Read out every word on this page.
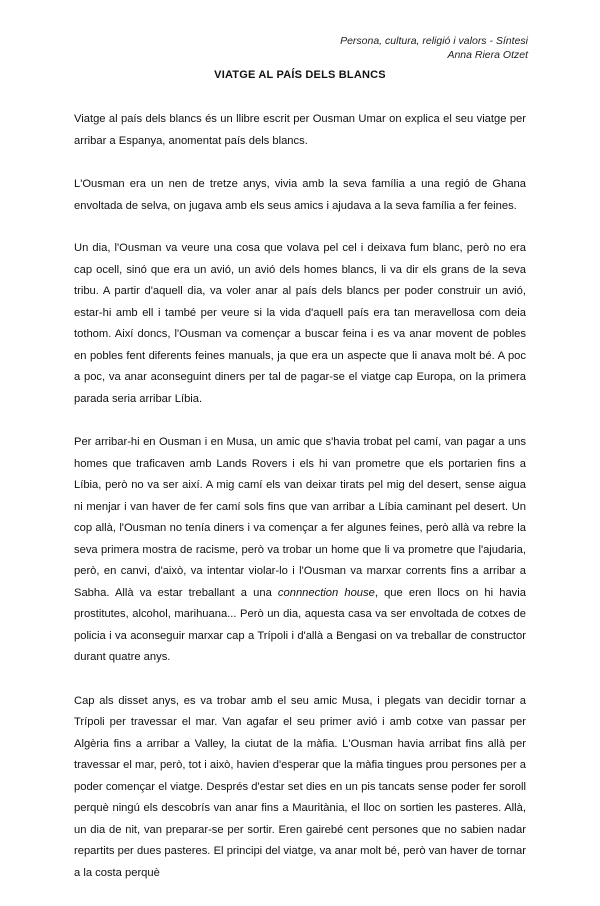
Persona, cultura, religió i valors - Síntesi
Anna Riera Otzet
VIATGE AL PAÍS DELS BLANCS

Viatge al país dels blancs és un llibre escrit per Ousman Umar on explica el seu viatge per arribar a Espanya, anomentat país dels blancs.

L'Ousman era un nen de tretze anys, vivia amb la seva família a una regió de Ghana envoltada de selva, on jugava amb els seus amics i ajudava a la seva família a fer feines.

Un dia, l'Ousman va veure una cosa que volava pel cel i deixava fum blanc, però no era cap ocell, sinó que era un avió, un avió dels homes blancs, li va dir els grans de la seva tribu. A partir d'aquell dia, va voler anar al país dels blancs per poder construir un avió, estar-hi amb ell i també per veure si la vida d'aquell país era tan meravellosa com deia tothom. Així doncs, l'Ousman va començar a buscar feina i es va anar movent de pobles en pobles fent diferents feines manuals, ja que era un aspecte que li anava molt bé. A poc a poc, va anar aconseguint diners per tal de pagar-se el viatge cap Europa, on la primera parada seria arribar Líbia.

Per arribar-hi en Ousman i en Musa, un amic que s'havia trobat pel camí, van pagar a uns homes que traficaven amb Lands Rovers i els hi van prometre que els portarien fins a Líbia, però no va ser així. A mig camí els van deixar tirats pel mig del desert, sense aigua ni menjar i van haver de fer camí sols fins que van arribar a Líbia caminant pel desert. Un cop allà, l'Ousman no tenía diners i va començar a fer algunes feines, però allà va rebre la seva primera mostra de racisme, però va trobar un home que li va prometre que l'ajudaria, però, en canvi, d'això, va intentar violar-lo i l'Ousman va marxar corrents fins a arribar a Sabha. Allà va estar treballant a una connnection house, que eren llocs on hi havia prostitutes, alcohol, marihuana... Però un dia, aquesta casa va ser envoltada de cotxes de policia i va aconseguir marxar cap a Trípoli i d'allà a Bengasi on va treballar de constructor durant quatre anys.

Cap als disset anys, es va trobar amb el seu amic Musa, i plegats van decidir tornar a Trípoli per travessar el mar. Van agafar el seu primer avió i amb cotxe van passar per Algèria fins a arribar a Valley, la ciutat de la màfia. L'Ousman havia arribat fins allà per travessar el mar, però, tot i això, havien d'esperar que la màfia tingues prou persones per a poder començar el viatge. Després d'estar set dies en un pis tancats sense poder fer soroll perquè ningú els descobrís van anar fins a Mauritània, el lloc on sortien les pasteres. Allà, un dia de nit, van preparar-se per sortir. Eren gairebé cent persones que no sabien nadar repartits per dues pasteres. El principi del viatge, va anar molt bé, però van haver de tornar a la costa perquè
